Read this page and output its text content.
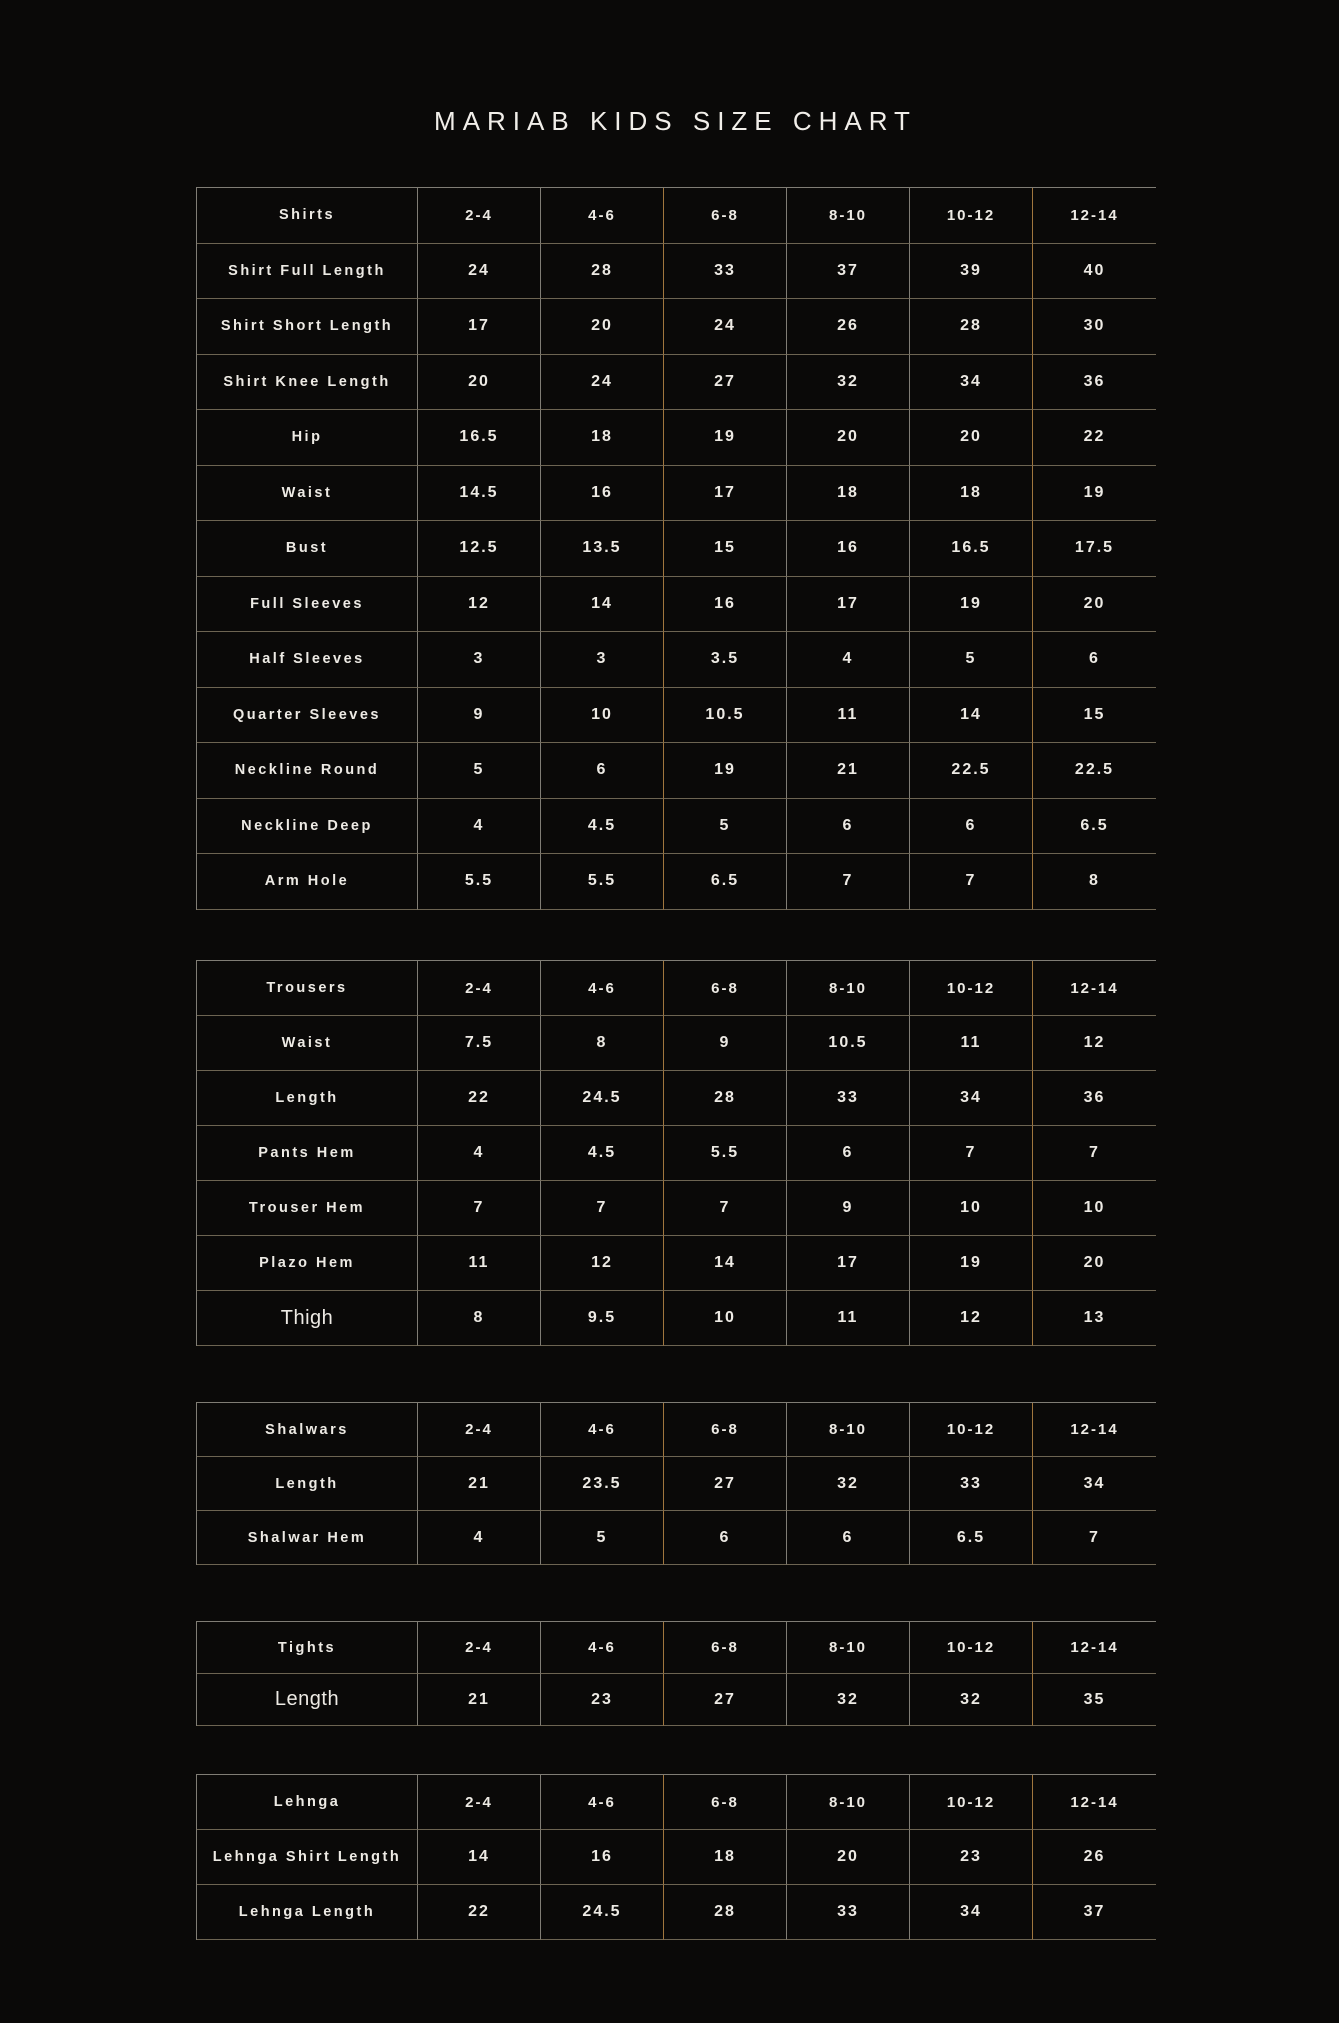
MARIAB KIDS SIZE CHART
Shirts	2-4	4-6	6-8	8-10	10-12	12-14
Shirt Full Length	24	28	33	37	39	40
Shirt Short Length	17	20	24	26	28	30
Shirt Knee Length	20	24	27	32	34	36
Hip	16.5	18	19	20	20	22
Waist	14.5	16	17	18	18	19
Bust	12.5	13.5	15	16	16.5	17.5
Full Sleeves	12	14	16	17	19	20
Half Sleeves	3	3	3.5	4	5	6
Quarter Sleeves	9	10	10.5	11	14	15
Neckline Round	5	6	19	21	22.5	22.5
Neckline Deep	4	4.5	5	6	6	6.5
Arm Hole	5.5	5.5	6.5	7	7	8
Trousers	2-4	4-6	6-8	8-10	10-12	12-14
Waist	7.5	8	9	10.5	11	12
Length	22	24.5	28	33	34	36
Pants Hem	4	4.5	5.5	6	7	7
Trouser Hem	7	7	7	9	10	10
Plazo Hem	11	12	14	17	19	20
Thigh	8	9.5	10	11	12	13
Shalwars	2-4	4-6	6-8	8-10	10-12	12-14
Length	21	23.5	27	32	33	34
Shalwar Hem	4	5	6	6	6.5	7
Tights	2-4	4-6	6-8	8-10	10-12	12-14
Length	21	23	27	32	32	35
Lehnga	2-4	4-6	6-8	8-10	10-12	12-14
Lehnga Shirt Length	14	16	18	20	23	26
Lehnga Length	22	24.5	28	33	34	37
